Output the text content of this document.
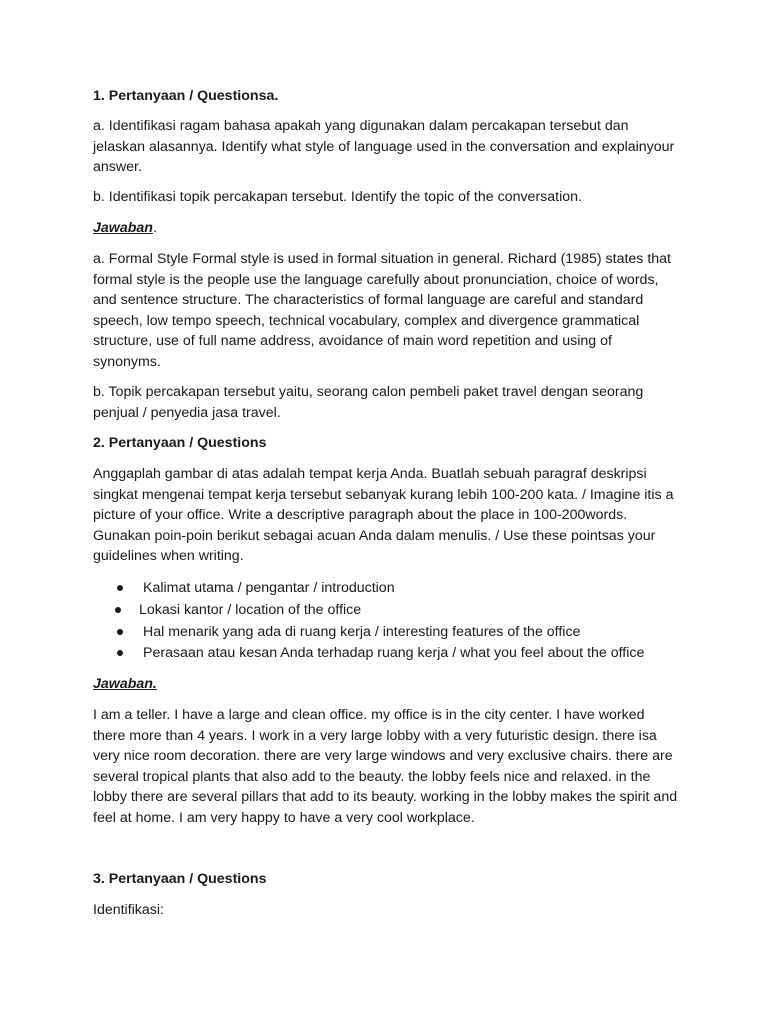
1. Pertanyaan / Questionsa.

a. Identifikasi ragam bahasa apakah yang digunakan dalam percakapan tersebut dan jelaskan alasannya. Identify what style of language used in the conversation and explainyour answer.

b. Identifikasi topik percakapan tersebut. Identify the topic of the conversation.

Jawaban.

a. Formal Style Formal style is used in formal situation in general. Richard (1985) states that formal style is the people use the language carefully about pronunciation, choice of words, and sentence structure. The characteristics of formal language are careful and standard speech, low tempo speech, technical vocabulary, complex and divergence grammatical structure, use of full name address, avoidance of main word repetition and using of synonyms.

b. Topik percakapan tersebut yaitu, seorang calon pembeli paket travel dengan seorang penjual / penyedia jasa travel.

2. Pertanyaan / Questions

Anggaplah gambar di atas adalah tempat kerja Anda. Buatlah sebuah paragraf deskripsi singkat mengenai tempat kerja tersebut sebanyak kurang lebih 100-200 kata. / Imagine itis a picture of your office. Write a descriptive paragraph about the place in 100-200words. Gunakan poin-poin berikut sebagai acuan Anda dalam menulis. / Use these pointsas your guidelines when writing.

Kalimat utama / pengantar / introduction
Lokasi kantor / location of the office
Hal menarik yang ada di ruang kerja / interesting features of the office
Perasaan atau kesan Anda terhadap ruang kerja / what you feel about the office

Jawaban.

I am a teller. I have a large and clean office. my office is in the city center. I have worked there more than 4 years. I work in a very large lobby with a very futuristic design. there isa very nice room decoration. there are very large windows and very exclusive chairs. there are several tropical plants that also add to the beauty. the lobby feels nice and relaxed. in the lobby there are several pillars that add to its beauty. working in the lobby makes the spirit and feel at home. I am very happy to have a very cool workplace.

3. Pertanyaan / Questions

Identifikasi:
